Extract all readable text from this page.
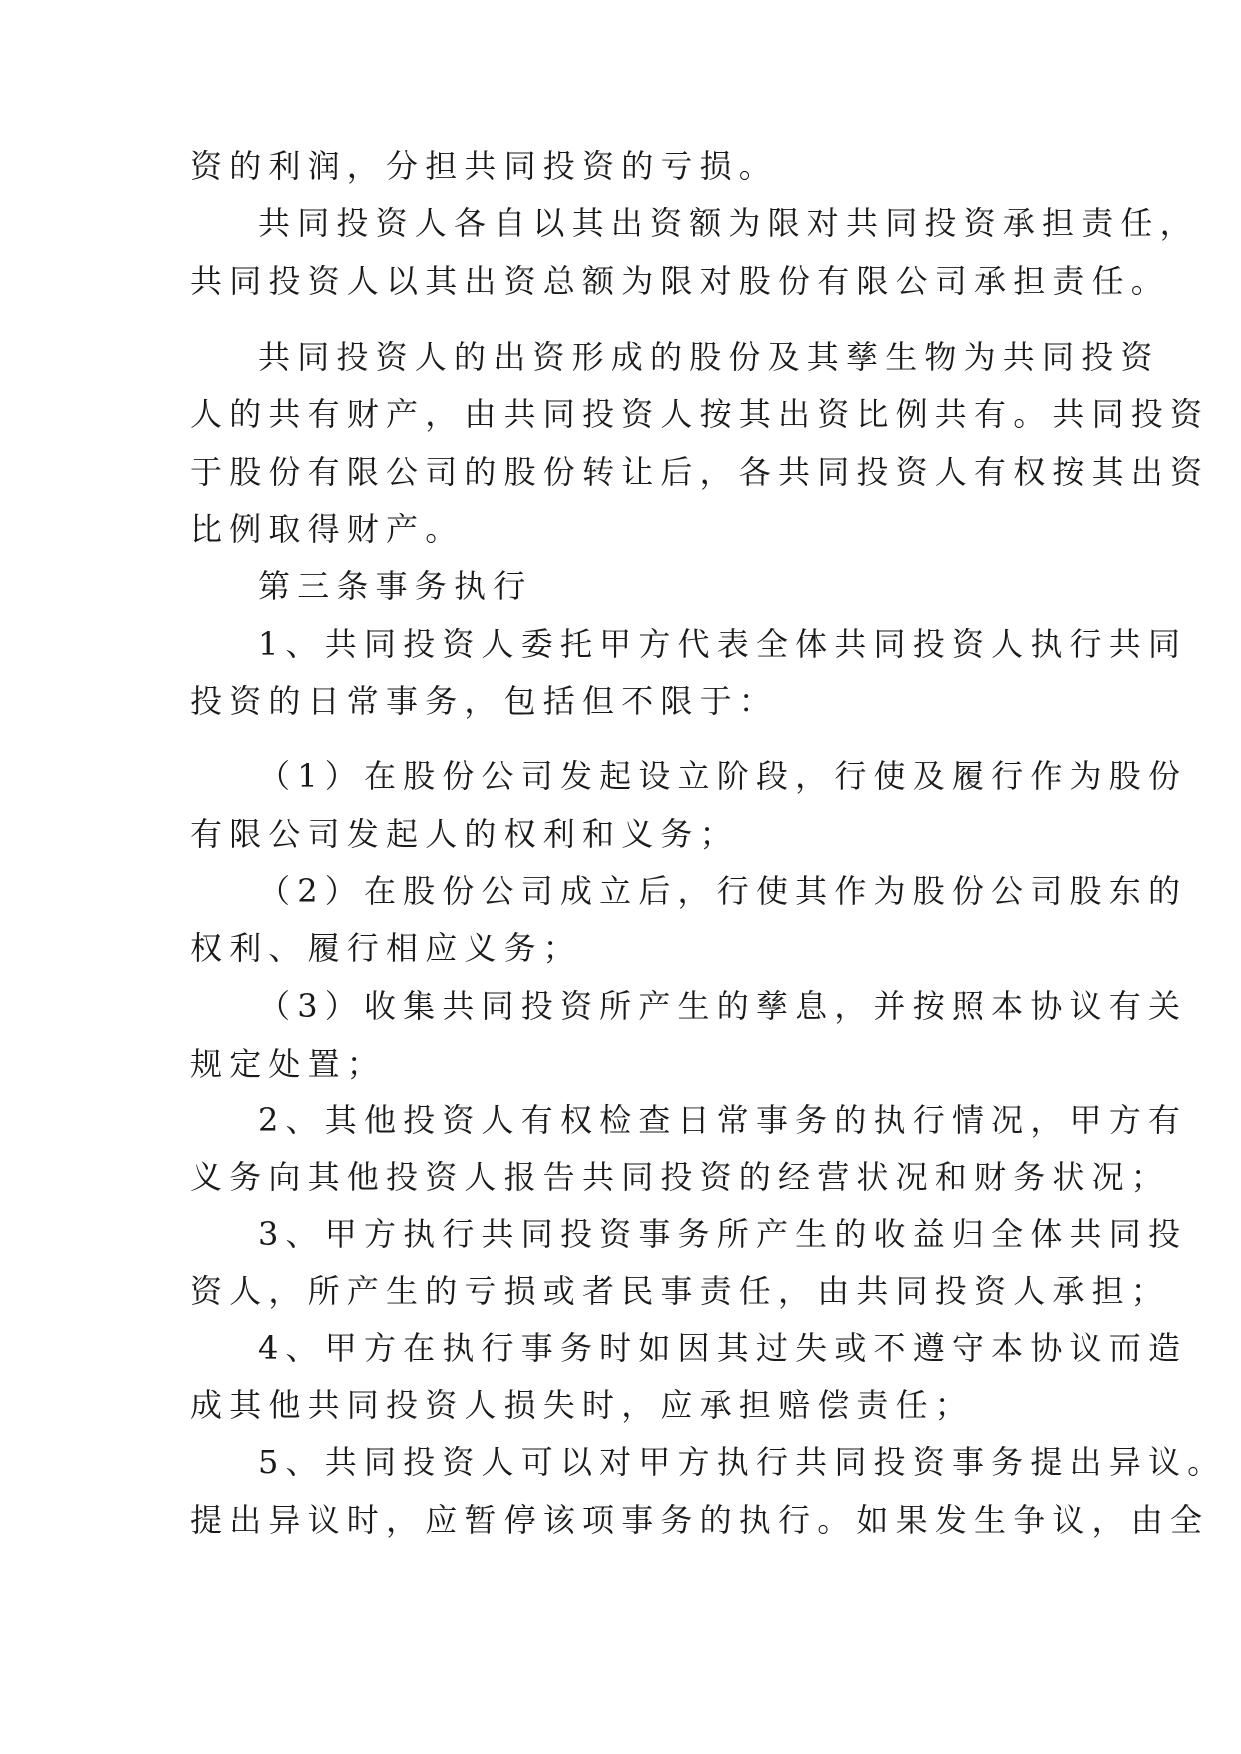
资的利润，分担共同投资的亏损。
共同投资人各自以其出资额为限对共同投资承担责任，
共同投资人以其出资总额为限对股份有限公司承担责任。
共同投资人的出资形成的股份及其孳生物为共同投资
人的共有财产，由共同投资人按其出资比例共有。共同投资
于股份有限公司的股份转让后，各共同投资人有权按其出资
比例取得财产。
第三条事务执行
1、共同投资人委托甲方代表全体共同投资人执行共同
投资的日常事务，包括但不限于：
（1）在股份公司发起设立阶段，行使及履行作为股份
有限公司发起人的权利和义务；
（2）在股份公司成立后，行使其作为股份公司股东的
权利、履行相应义务；
（3）收集共同投资所产生的孳息，并按照本协议有关
规定处置；
2、其他投资人有权检查日常事务的执行情况，甲方有
义务向其他投资人报告共同投资的经营状况和财务状况；
3、甲方执行共同投资事务所产生的收益归全体共同投
资人，所产生的亏损或者民事责任，由共同投资人承担；
4、甲方在执行事务时如因其过失或不遵守本协议而造
成其他共同投资人损失时，应承担赔偿责任；
5、共同投资人可以对甲方执行共同投资事务提出异议。
提出异议时，应暂停该项事务的执行。如果发生争议，由全
